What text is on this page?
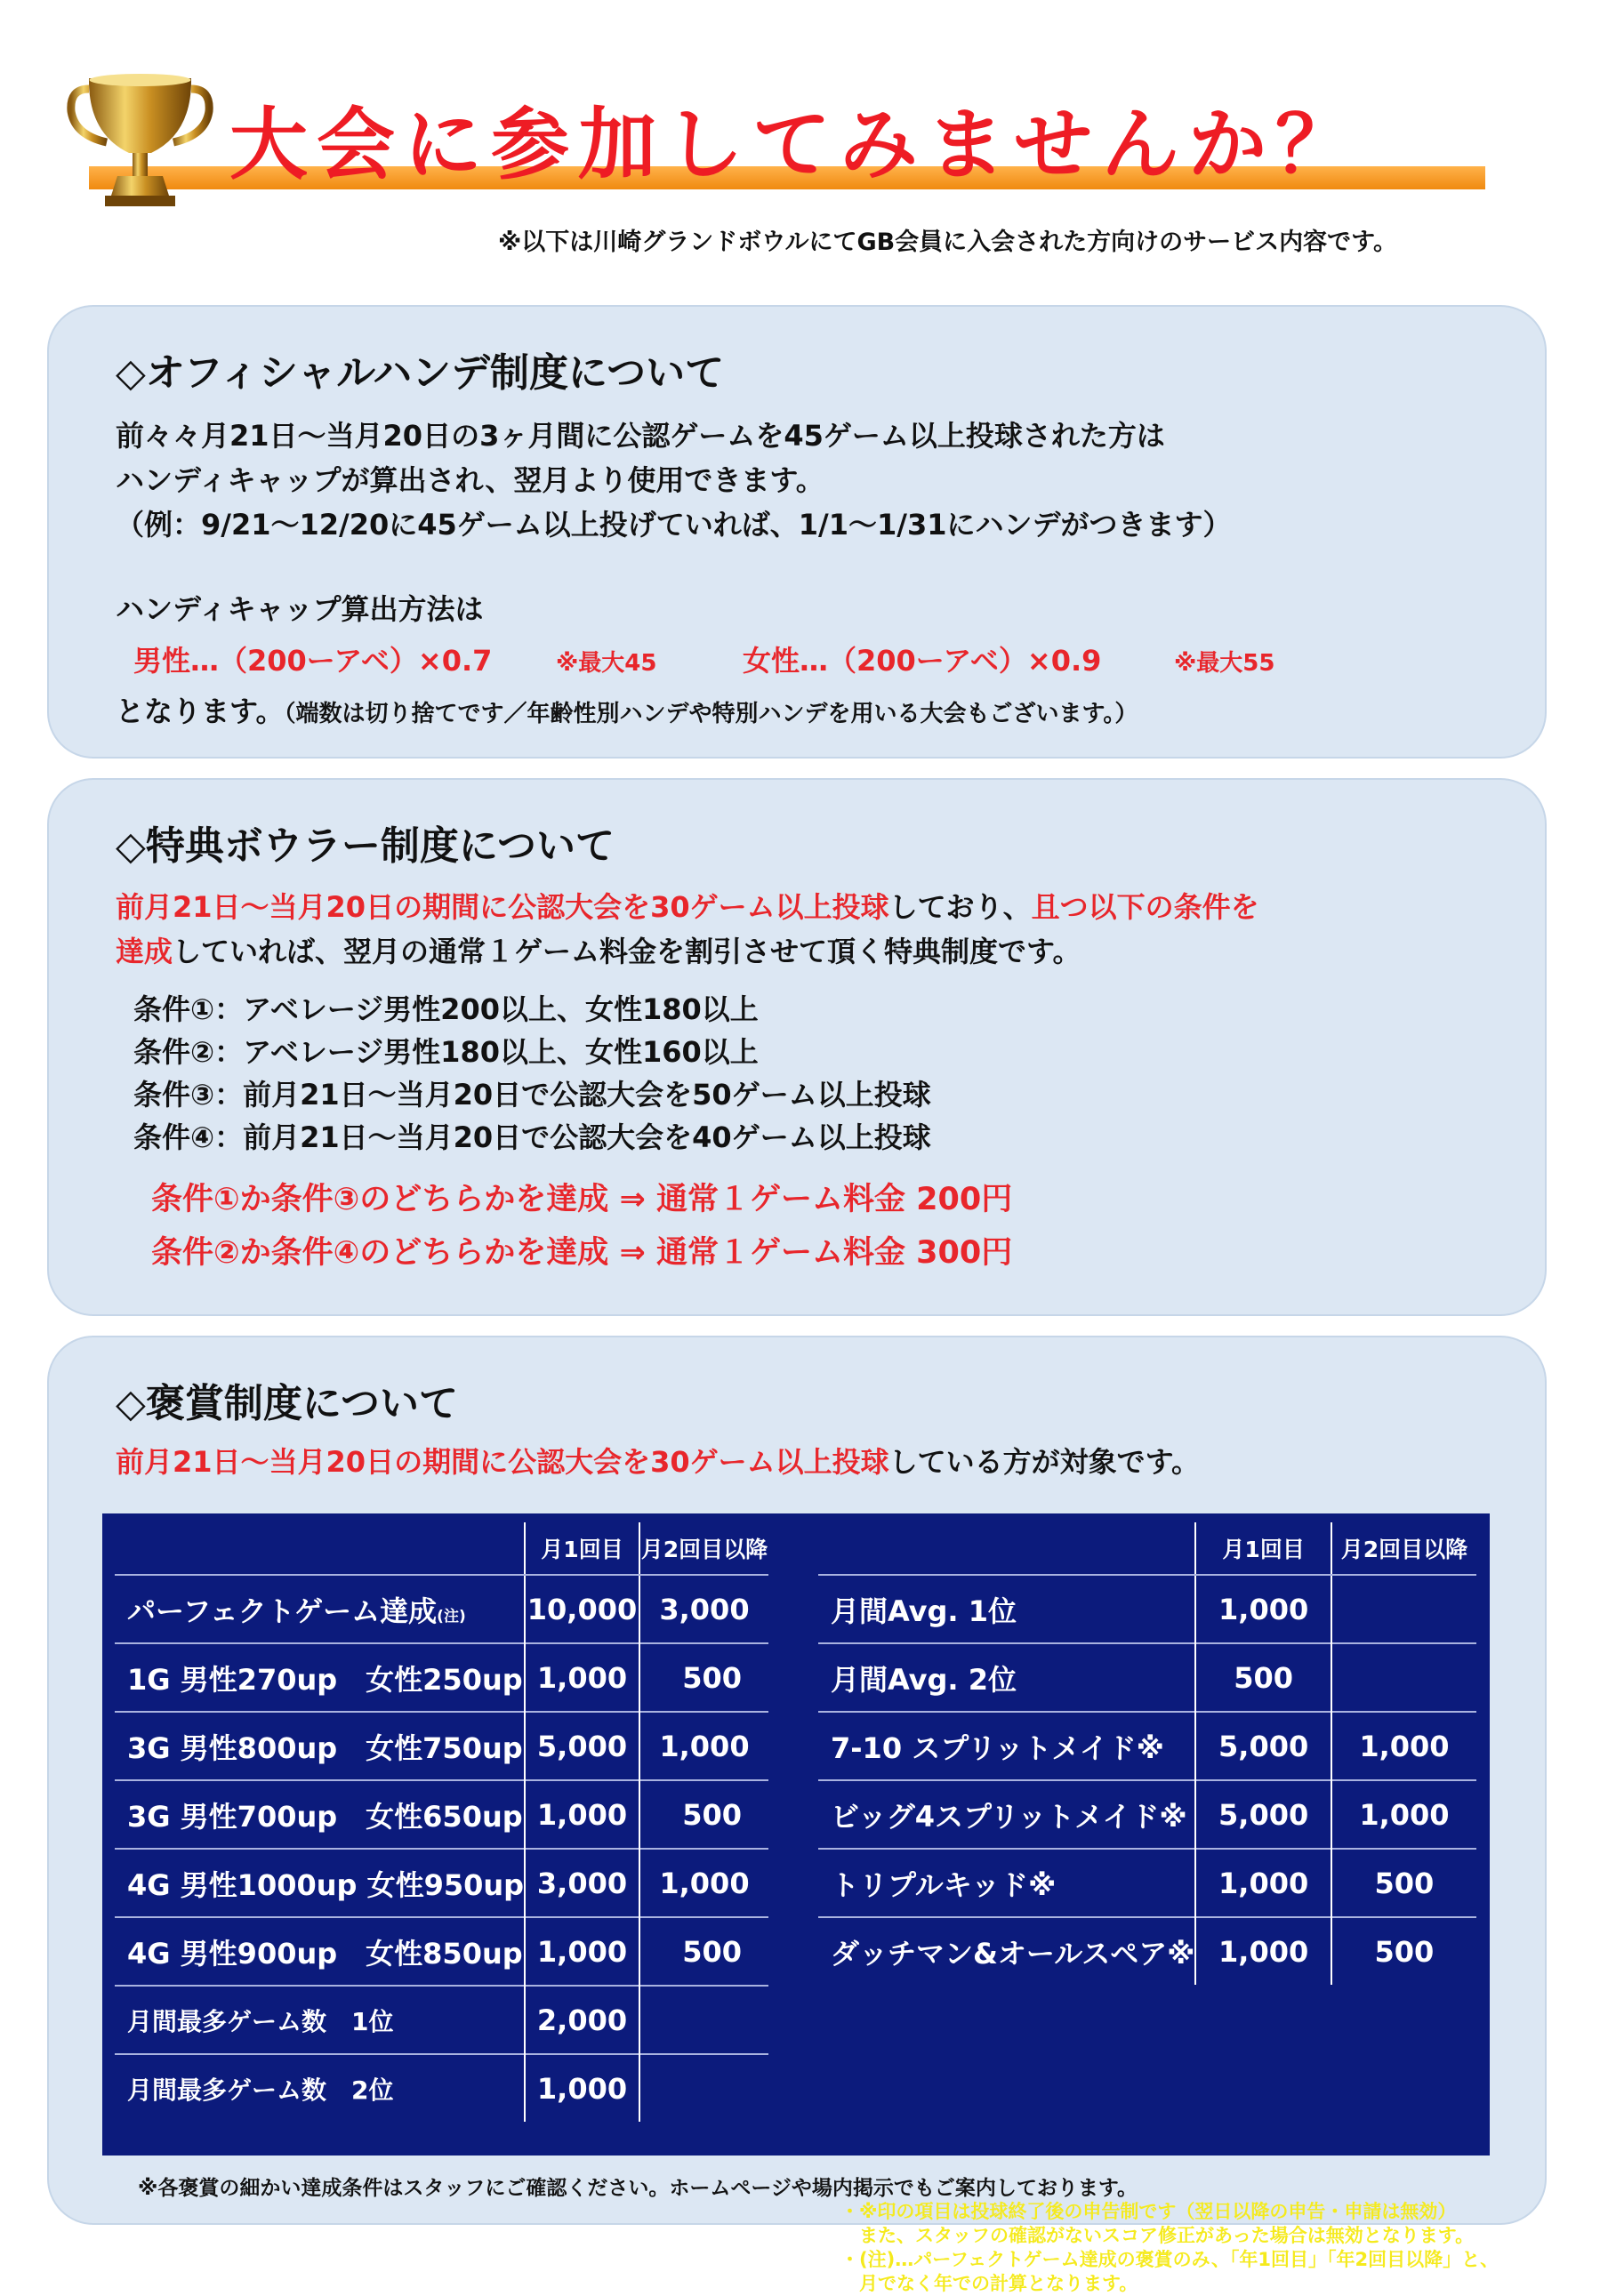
大会に参加してみませんか？

※以下は川崎グランドボウルにてGB会員に入会された方向けのサービス内容です。

◇オフィシャルハンデ制度について

前々々月21日～当月20日の3ヶ月間に公認ゲームを45ゲーム以上投球された方は

ハンディキャップが算出され、翌月より使用できます。

（例：9/21～12/20に45ゲーム以上投げていれば、1/1～1/31にハンデがつきます）

ハンディキャップ算出方法は

男性…（200ーアベ）×0.7	※最大45	女性…（200ーアベ）×0.9	※最大55

となります。（端数は切り捨てです／年齢性別ハンデや特別ハンデを用いる大会もございます。）

◇特典ボウラー制度について

前月21日～当月20日の期間に公認大会を30ゲーム以上投球しており、且つ以下の条件を

達成していれば、翌月の通常１ゲーム料金を割引させて頂く特典制度です。

条件①：アベレージ男性200以上、女性180以上

条件②：アベレージ男性180以上、女性160以上

条件③：前月21日～当月20日で公認大会を50ゲーム以上投球

条件④：前月21日～当月20日で公認大会を40ゲーム以上投球

条件①か条件③のどちらかを達成 ⇒ 通常１ゲーム料金 200円

条件②か条件④のどちらかを達成 ⇒ 通常１ゲーム料金 300円

◇褒賞制度について

前月21日～当月20日の期間に公認大会を30ゲーム以上投球している方が対象です。

	月1回目	月2回目以降
パーフェクトゲーム達成(注)	10,000	3,000
1G 男性270up　女性250up	1,000	500
3G 男性800up　女性750up	5,000	1,000
3G 男性700up　女性650up	1,000	500
4G 男性1000up 女性950up	3,000	1,000
4G 男性900up　女性850up	1,000	500
月間最多ゲーム数　1位	2,000	
月間最多ゲーム数　2位	1,000	
	月1回目	月2回目以降
月間Avg. 1位	1,000	
月間Avg. 2位	500	
7-10 スプリットメイド※	5,000	1,000
ビッグ4スプリットメイド※	5,000	1,000
トリプルキッド※	1,000	500
ダッチマン&オールスペア※	1,000	500

・※印の項目は投球終了後の申告制です（翌日以降の申告・申請は無効）

　また、スタッフの確認がないスコア修正があった場合は無効となります。

・(注)…パーフェクトゲーム達成の褒賞のみ、「年1回目」「年2回目以降」と、

　月でなく年での計算となります。

※各褒賞の細かい達成条件はスタッフにご確認ください。ホームページや場内掲示でもご案内しております。
